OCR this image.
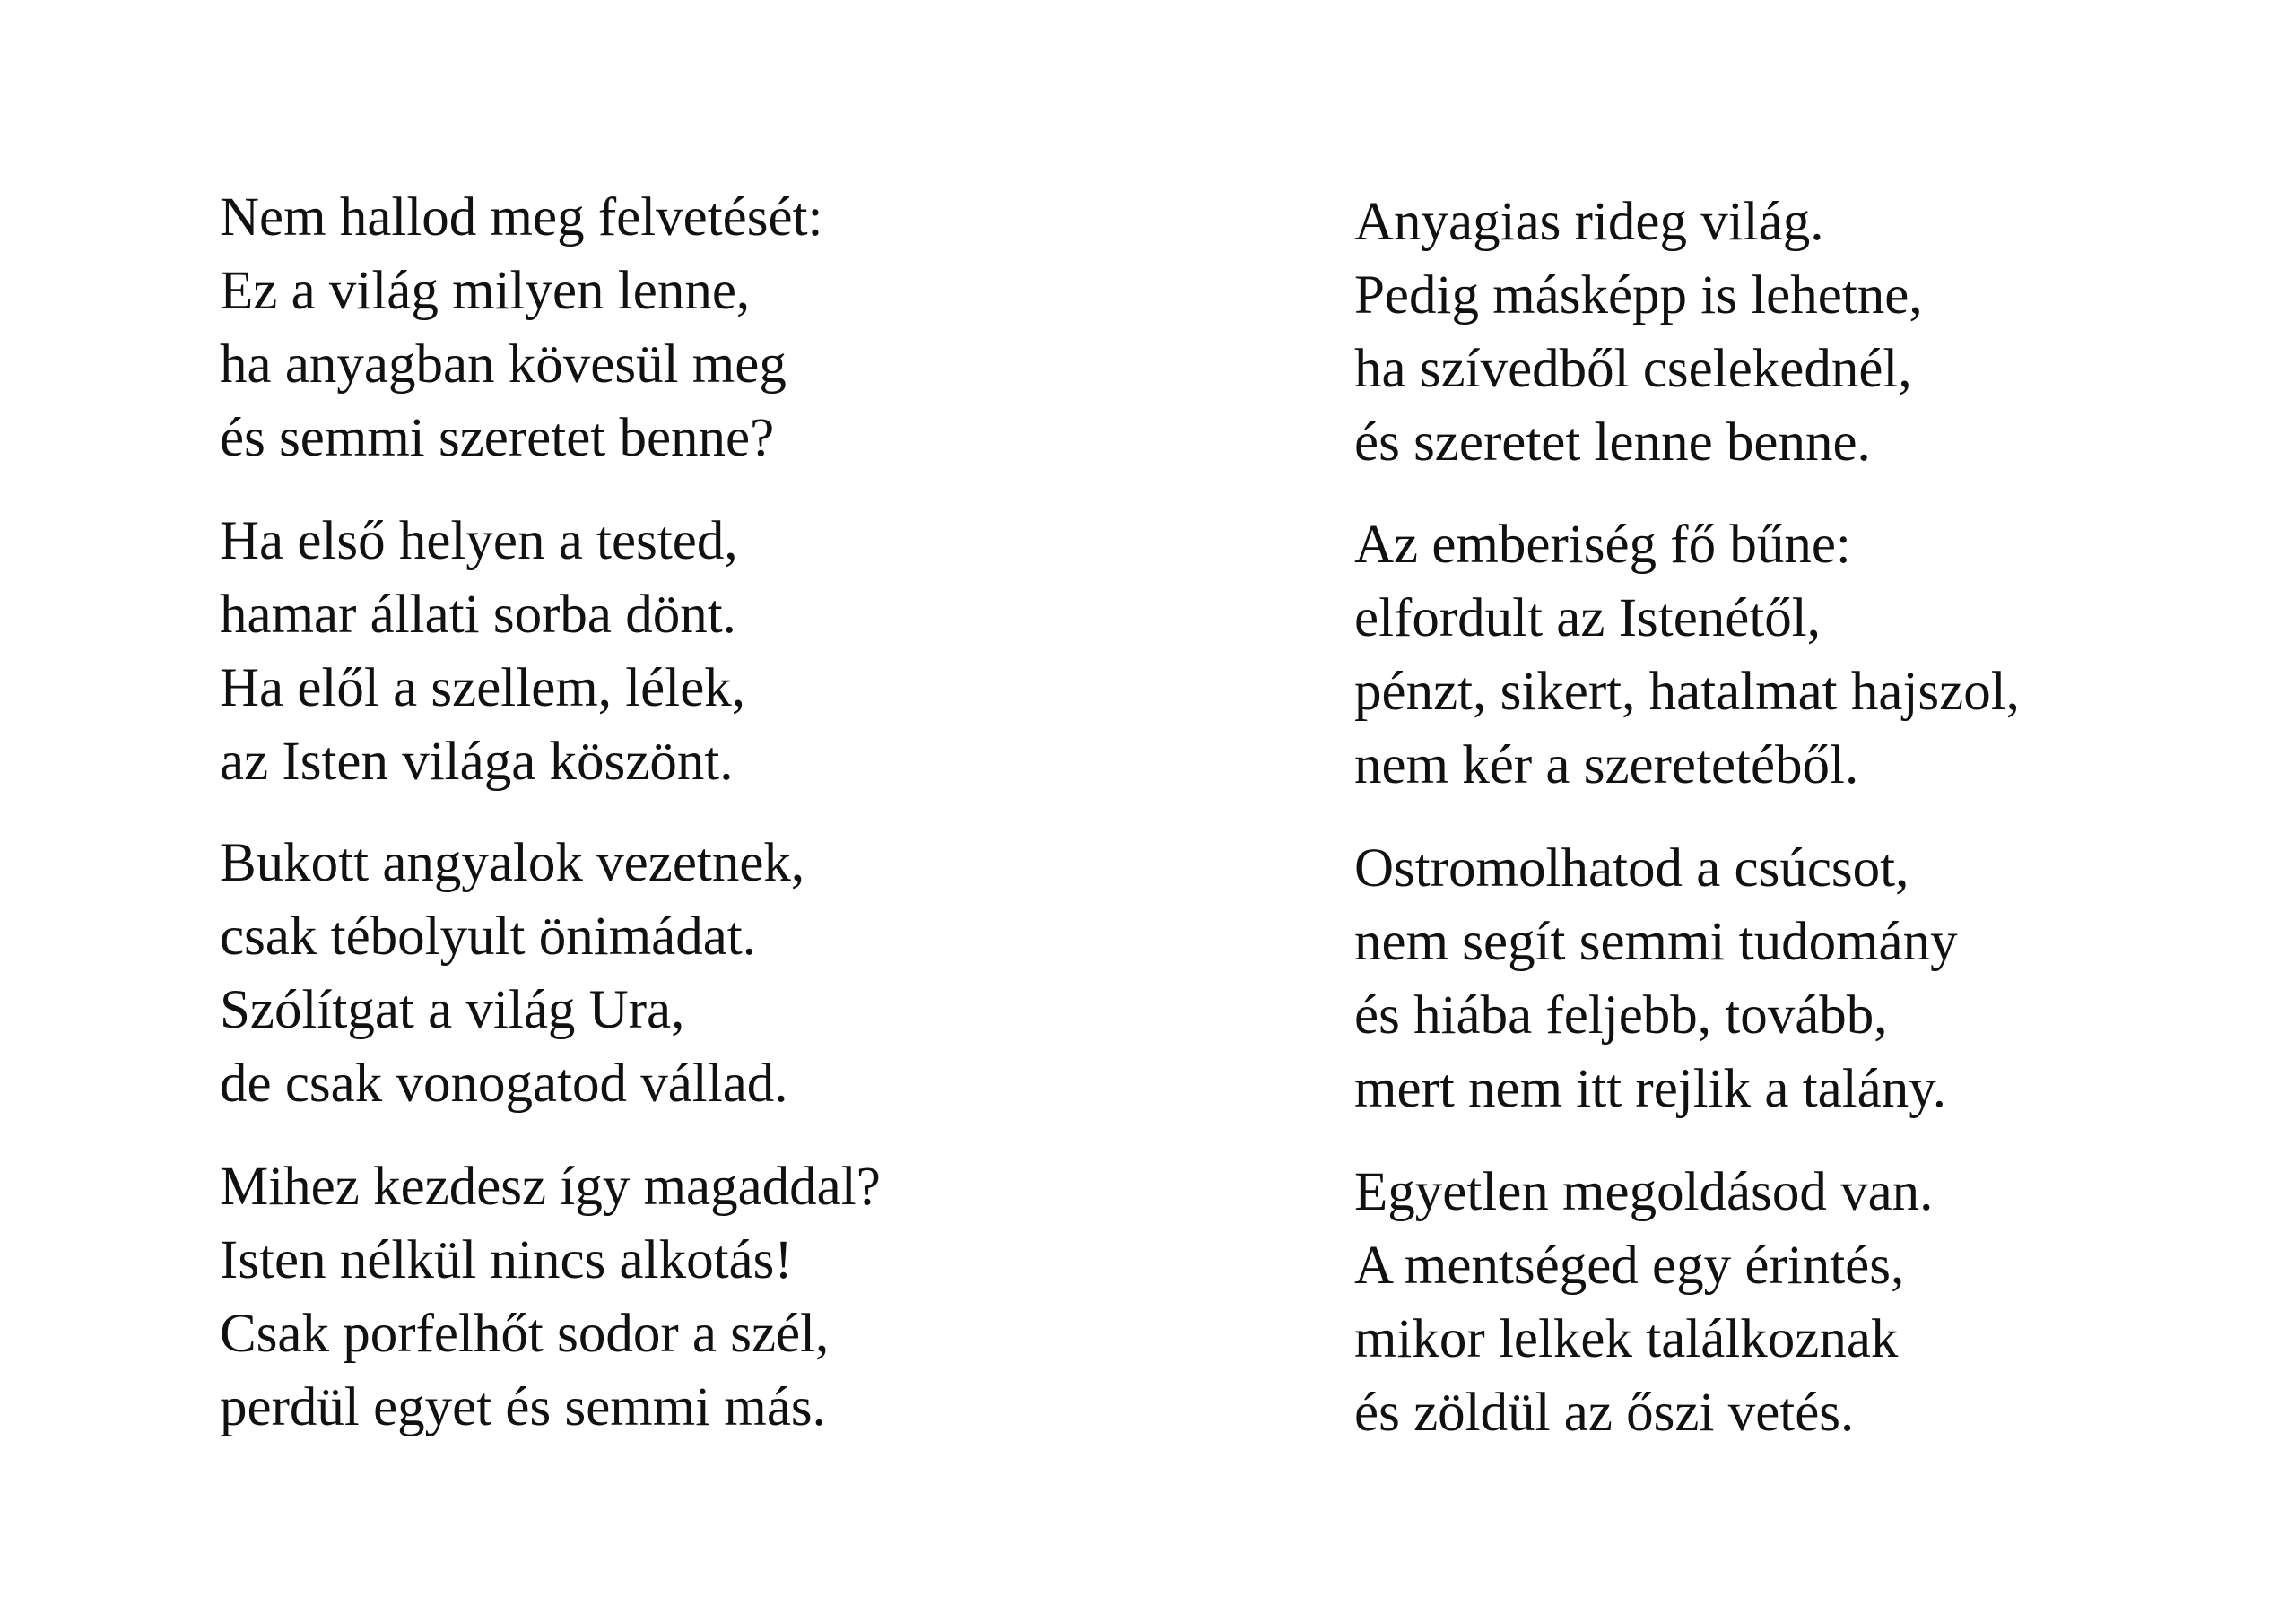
Nem hallod meg felvetését:
Ez a világ milyen lenne,
ha anyagban kövesül meg
és semmi szeretet benne?
Ha első helyen a tested,
hamar állati sorba dönt.
Ha elől a szellem, lélek,
az Isten világa köszönt.
Bukott angyalok vezetnek,
csak tébolyult önimádat.
Szólítgat a világ Ura,
de csak vonogatod vállad.
Mihez kezdesz így magaddal?
Isten nélkül nincs alkotás!
Csak porfelhőt sodor a szél,
perdül egyet és semmi más.
Anyagias rideg világ.
Pedig másképp is lehetne,
ha szívedből cselekednél,
és szeretet lenne benne.
Az emberiség fő bűne:
elfordult az Istenétől,
pénzt, sikert, hatalmat hajszol,
nem kér a szeretetéből.
Ostromolhatod a csúcsot,
nem segít semmi tudomány
és hiába feljebb, tovább,
mert nem itt rejlik a talány.
Egyetlen megoldásod van.
A mentséged egy érintés,
mikor lelkek találkoznak
és zöldül az őszi vetés.
